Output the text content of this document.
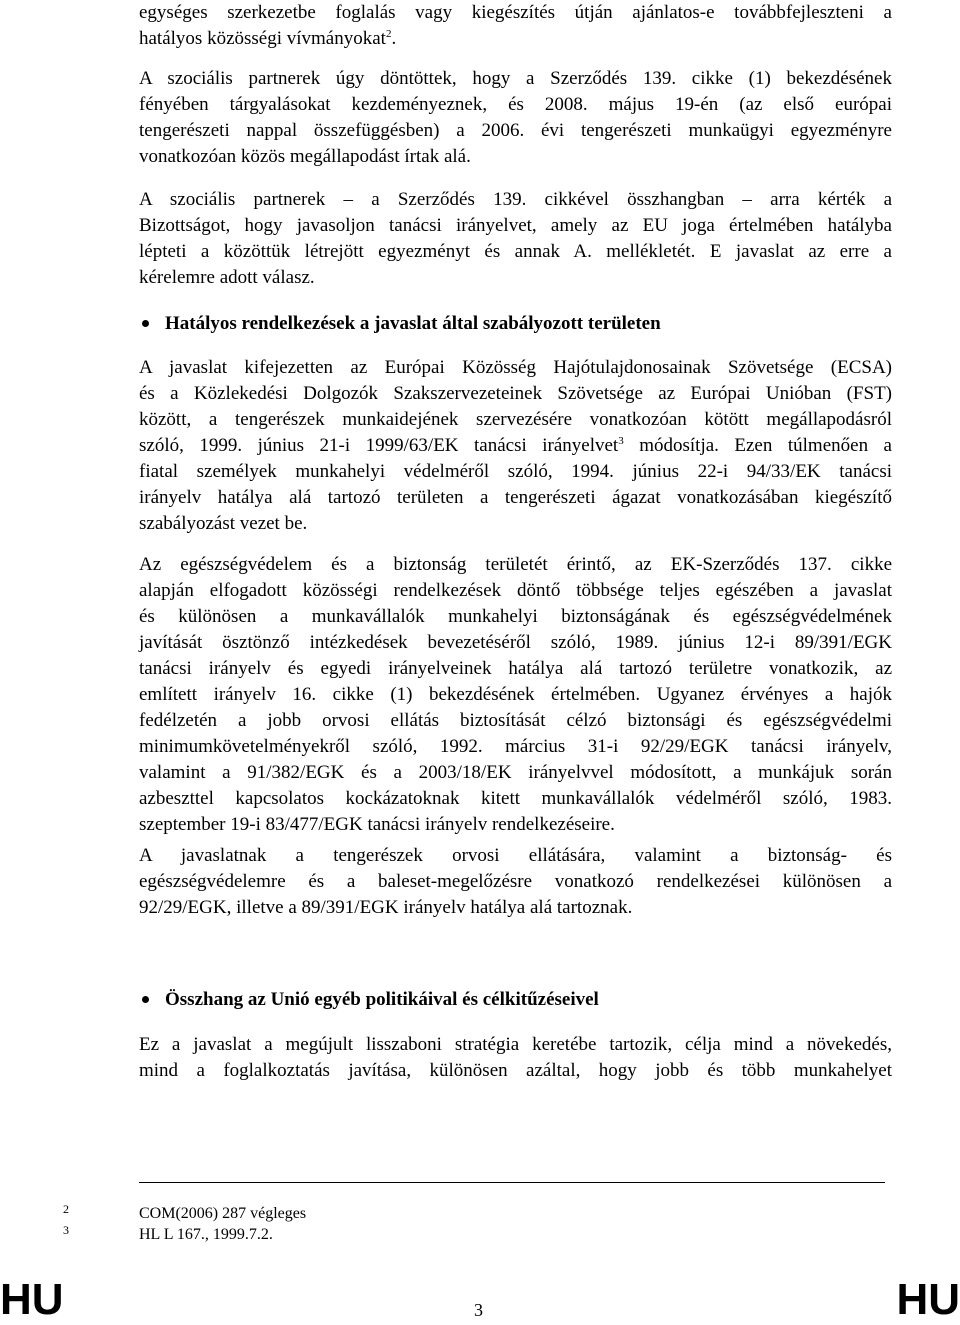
egységes szerkezetbe foglalás vagy kiegészítés útján ajánlatos-e továbbfejleszteni a
hatályos közösségi vívmányokat$^2$.
A szociális partnerek úgy döntöttek, hogy a Szerződés 139. cikke (1) bekezdésének
fényében tárgyalásokat kezdeményeznek, és 2008. május 19-én (az első európai
tengerészeti nappal összefüggésben) a 2006. évi tengerészeti munkaügyi egyezményre
vonatkozóan közös megállapodást írtak alá.
A szociális partnerek – a Szerződés 139. cikkével összhangban – arra kérték a
Bizottságot, hogy javasoljon tanácsi irányelvet, amely az EU joga értelmében hatályba
lépteti a közöttük létrejött egyezményt és annak A. mellékletét. E javaslat az erre a
kérelemre adott válasz.
Hatályos rendelkezések a javaslat által szabályozott területen
A javaslat kifejezetten az Európai Közösség Hajótulajdonosainak Szövetsége (ECSA)
és a Közlekedési Dolgozók Szakszervezeteinek Szövetsége az Európai Unióban (FST)
között, a tengerészek munkaidejének szervezésére vonatkozóan kötött megállapodásról
szóló, 1999. június 21-i 1999/63/EK tanácsi irányelvet$^3$ módosítja. Ezen túlmenően a
fiatal személyek munkahelyi védelméről szóló, 1994. június 22-i 94/33/EK tanácsi
irányelv hatálya alá tartozó területen a tengerészeti ágazat vonatkozásában kiegészítő
szabályozást vezet be.
Az egészségvédelem és a biztonság területét érintő, az EK-Szerződés 137. cikke
alapján elfogadott közösségi rendelkezések döntő többsége teljes egészében a javaslat
és különösen a munkavállalók munkahelyi biztonságának és egészségvédelmének
javítását ösztönző intézkedések bevezetéséről szóló, 1989. június 12-i 89/391/EGK
tanácsi irányelv és egyedi irányelveinek hatálya alá tartozó területre vonatkozik, az
említett irányelv 16. cikke (1) bekezdésének értelmében. Ugyanez érvényes a hajók
fedélzetén a jobb orvosi ellátás biztosítását célzó biztonsági és egészségvédelmi
minimumkövetelményekről szóló, 1992. március 31-i 92/29/EGK tanácsi irányelv,
valamint a 91/382/EGK és a 2003/18/EK irányelvvel módosított, a munkájuk során
azbeszttel kapcsolatos kockázatoknak kitett munkavállalók védelméről szóló, 1983.
szeptember 19-i 83/477/EGK tanácsi irányelv rendelkezéseire.
A javaslatnak a tengerészek orvosi ellátására, valamint a biztonság- és
egészségvédelemre és a baleset-megelőzésre vonatkozó rendelkezései különösen a
92/29/EGK, illetve a 89/391/EGK irányelv hatálya alá tartoznak.
Összhang az Unió egyéb politikáival és célkitűzéseivel
Ez a javaslat a megújult lisszaboni stratégia keretébe tartozik, célja mind a növekedés,
mind a foglalkoztatás javítása, különösen azáltal, hogy jobb és több munkahelyet
2	COM(2006) 287 végleges
3	HL L 167., 1999.7.2.
HU	3	HU
